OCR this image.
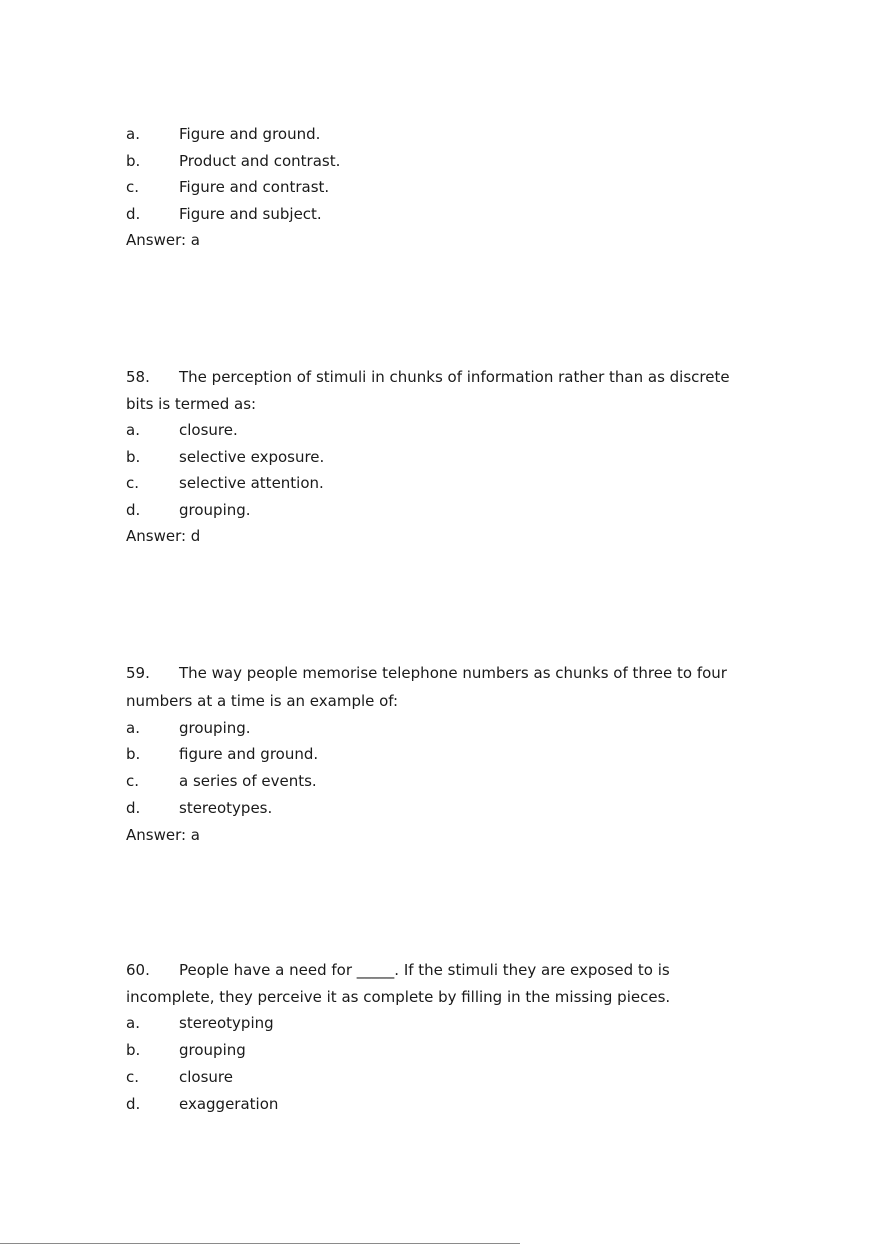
a.	Figure and ground.
b.	Product and contrast.
c.	Figure and contrast.
d.	Figure and subject.
Answer: a
58. The perception of stimuli in chunks of information rather than as discrete
bits is termed as:
a.	closure.
b.	selective exposure.
c.	selective attention.
d.	grouping.
Answer: d
59. The way people memorise telephone numbers as chunks of three to four
numbers at a time is an example of:
a.	grouping.
b.	figure and ground.
c.	a series of events.
d.	stereotypes.
Answer: a
60. People have a need for _____. If the stimuli they are exposed to is
incomplete, they perceive it as complete by filling in the missing pieces.
a.	stereotyping
b.	grouping
c.	closure
d.	exaggeration
